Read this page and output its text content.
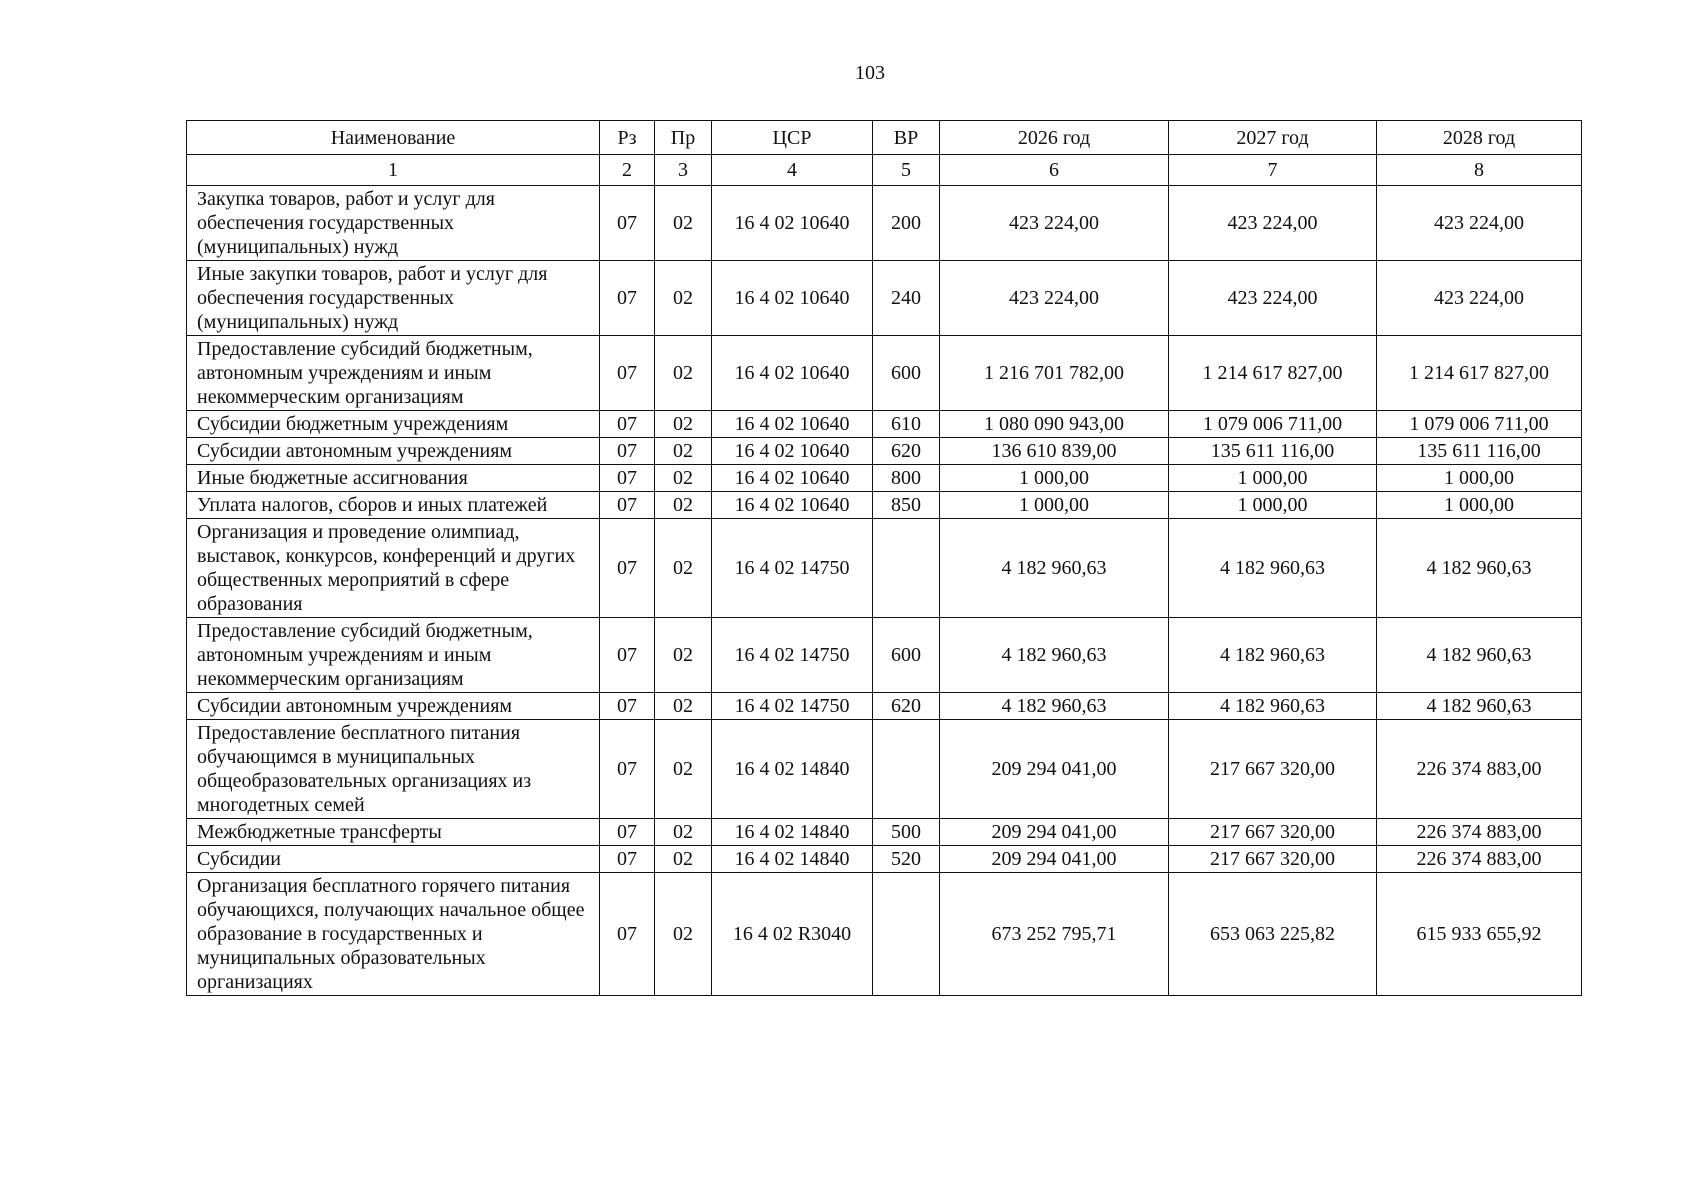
103
Наименование	Рз	Пр	ЦСР	ВР	2026 год	2027 год	2028 год
1	2	3	4	5	6	7	8
Закупка товаров, работ и услуг для обеспечения государственных (муниципальных) нужд	07	02	16 4 02 10640	200	423 224,00	423 224,00	423 224,00
Иные закупки товаров, работ и услуг для обеспечения государственных (муниципальных) нужд	07	02	16 4 02 10640	240	423 224,00	423 224,00	423 224,00
Предоставление субсидий бюджетным, автономным учреждениям и иным некоммерческим организациям	07	02	16 4 02 10640	600	1 216 701 782,00	1 214 617 827,00	1 214 617 827,00
Субсидии бюджетным учреждениям	07	02	16 4 02 10640	610	1 080 090 943,00	1 079 006 711,00	1 079 006 711,00
Субсидии автономным учреждениям	07	02	16 4 02 10640	620	136 610 839,00	135 611 116,00	135 611 116,00
Иные бюджетные ассигнования	07	02	16 4 02 10640	800	1 000,00	1 000,00	1 000,00
Уплата налогов, сборов и иных платежей	07	02	16 4 02 10640	850	1 000,00	1 000,00	1 000,00
Организация и проведение олимпиад, выставок, конкурсов, конференций и других общественных мероприятий в сфере образования	07	02	16 4 02 14750		4 182 960,63	4 182 960,63	4 182 960,63
Предоставление субсидий бюджетным, автономным учреждениям и иным некоммерческим организациям	07	02	16 4 02 14750	600	4 182 960,63	4 182 960,63	4 182 960,63
Субсидии автономным учреждениям	07	02	16 4 02 14750	620	4 182 960,63	4 182 960,63	4 182 960,63
Предоставление бесплатного питания обучающимся в муниципальных общеобразовательных организациях из многодетных семей	07	02	16 4 02 14840		209 294 041,00	217 667 320,00	226 374 883,00
Межбюджетные трансферты	07	02	16 4 02 14840	500	209 294 041,00	217 667 320,00	226 374 883,00
Субсидии	07	02	16 4 02 14840	520	209 294 041,00	217 667 320,00	226 374 883,00
Организация бесплатного горячего питания обучающихся, получающих начальное общее образование в государственных и муниципальных образовательных организациях	07	02	16 4 02 R3040		673 252 795,71	653 063 225,82	615 933 655,92
